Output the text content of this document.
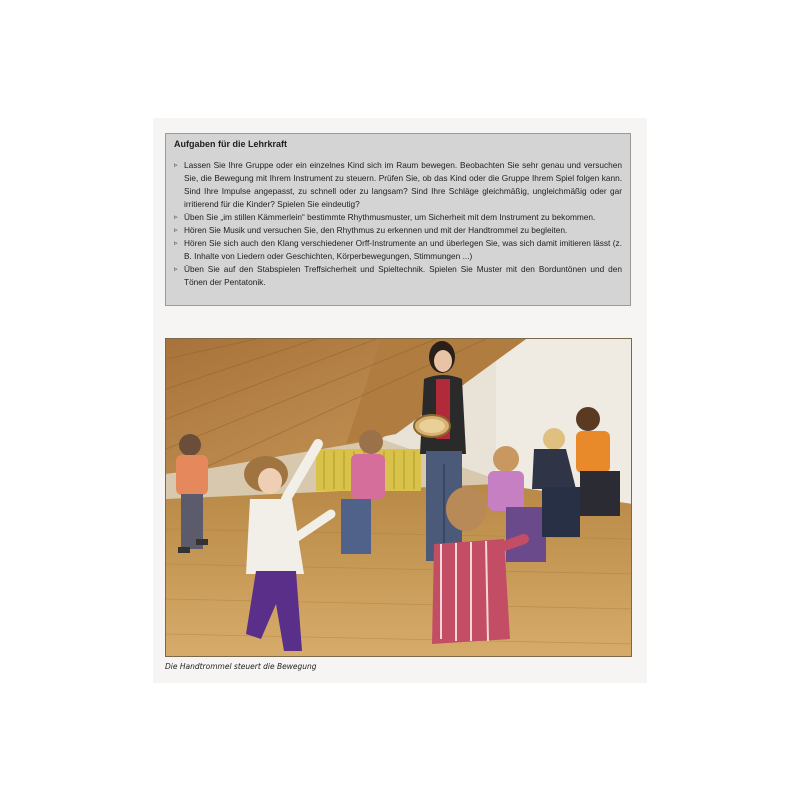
Aufgaben für die Lehrkraft
▹ Lassen Sie Ihre Gruppe oder ein einzelnes Kind sich im Raum bewegen. Beobachten Sie sehr genau und versuchen Sie, die Bewegung mit Ihrem Instrument zu steuern. Prüfen Sie, ob das Kind oder die Gruppe Ihrem Spiel folgen kann. Sind Ihre Impulse angepasst, zu schnell oder zu langsam? Sind Ihre Schläge gleichmäßig, ungleichmäßig oder gar irritierend für die Kinder? Spielen Sie eindeutig?
▹ Üben Sie „im stillen Kämmerlein“ bestimmte Rhythmusmuster, um Sicherheit mit dem Instrument zu bekommen.
▹ Hören Sie Musik und versuchen Sie, den Rhythmus zu erkennen und mit der Handtrommel zu begleiten.
▹ Hören Sie sich auch den Klang verschiedener Orff-Instrumente an und überlegen Sie, was sich damit imitieren lässt (z. B. Inhalte von Liedern oder Geschichten, Körperbewegungen, Stimmungen ...)
▹ Üben Sie auf den Stabspielen Treffsicherheit und Spieltechnik. Spielen Sie Muster mit den Borduntönen und den Tönen der Pentatonik.
Die Handtrommel steuert die Bewegung
